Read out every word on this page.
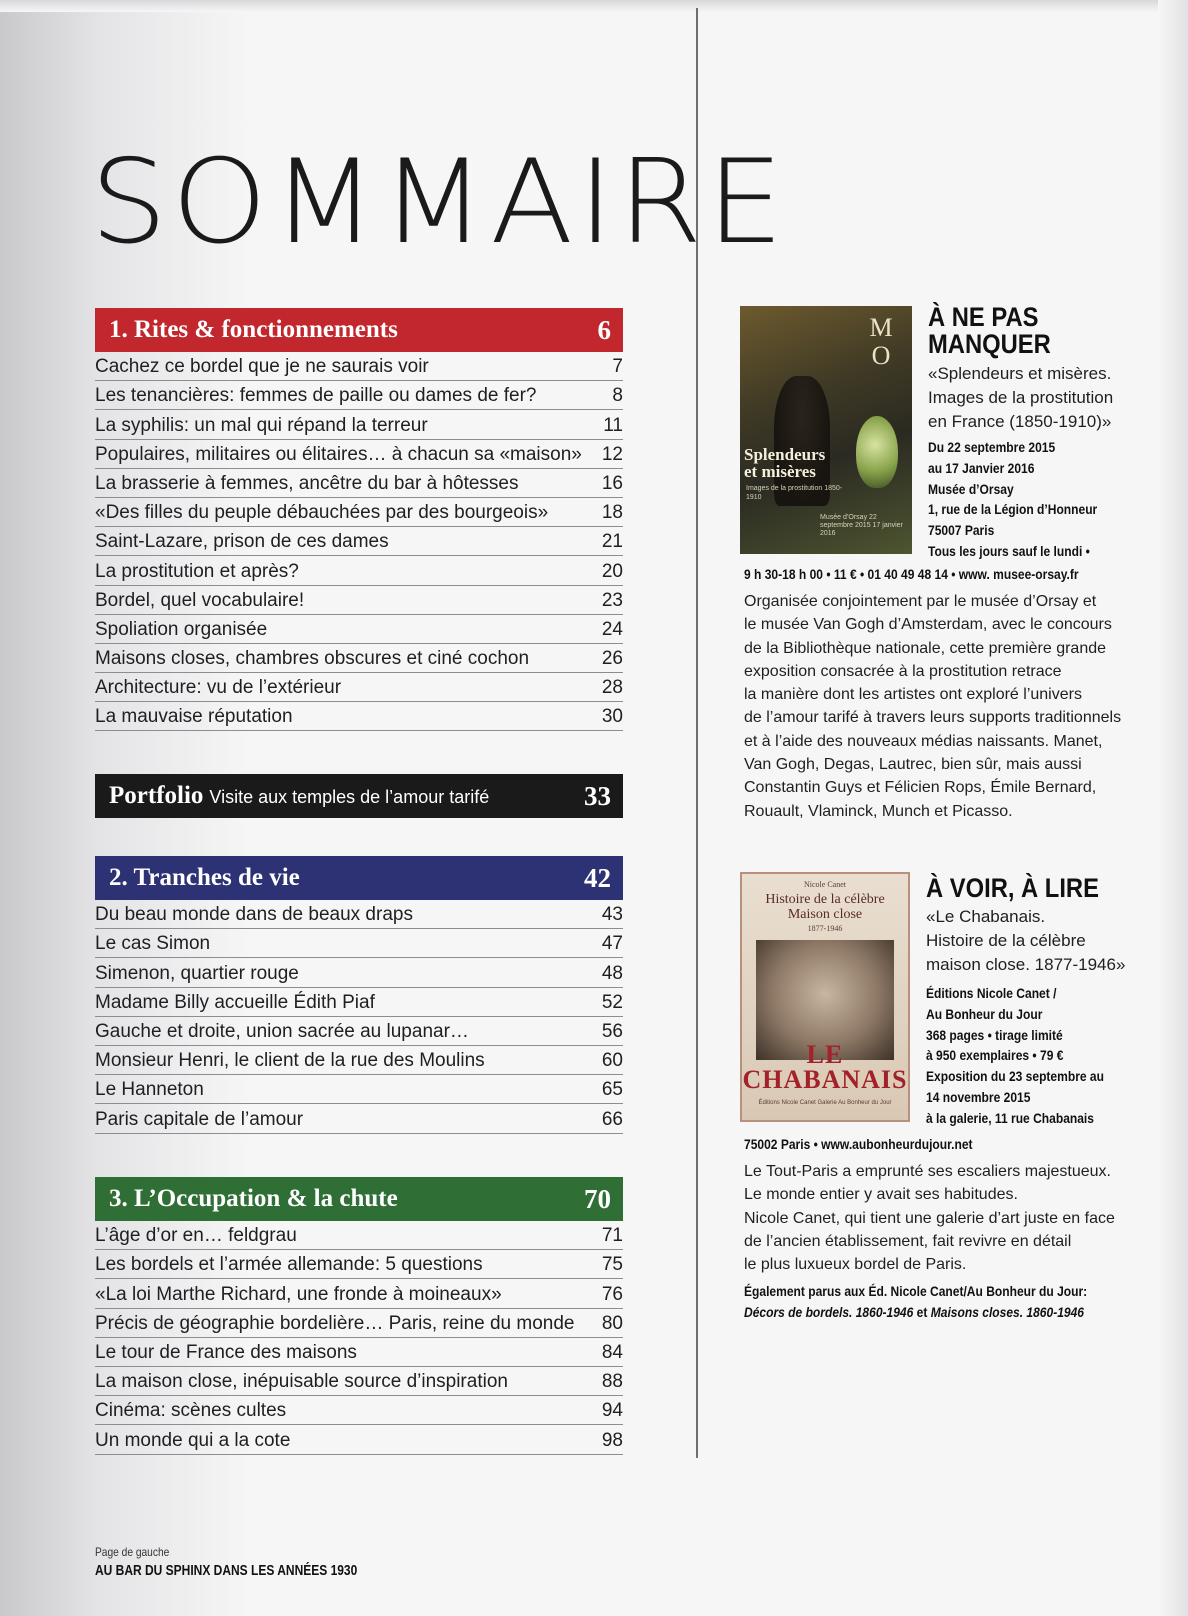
SOMMAIRE
1. Rites & fonctionnements	6
Cachez ce bordel que je ne saurais voir	7
Les tenancières: femmes de paille ou dames de fer?	8
La syphilis: un mal qui répand la terreur	11
Populaires, militaires ou élitaires… à chacun sa «maison» 12
La brasserie à femmes, ancêtre du bar à hôtesses	16
«Des filles du peuple débauchées par des bourgeois»	18
Saint-Lazare, prison de ces dames	21
La prostitution et après?	20
Bordel, quel vocabulaire!	23
Spoliation organisée	24
Maisons closes, chambres obscures et ciné cochon	26
Architecture: vu de l’extérieur	28
La mauvaise réputation	30
Portfolio Visite aux temples de l’amour tarifé	33
2. Tranches de vie	42
Du beau monde dans de beaux draps	43
Le cas Simon	47
Simenon, quartier rouge	48
Madame Billy accueille Édith Piaf	52
Gauche et droite, union sacrée au lupanar…	56
Monsieur Henri, le client de la rue des Moulins	60
Le Hanneton	65
Paris capitale de l’amour	66
3. L’Occupation & la chute	70
L’âge d’or en… feldgrau	71
Les bordels et l’armée allemande: 5 questions	75
«La loi Marthe Richard, une fronde à moineaux»	76
Précis de géographie bordelière… Paris, reine du monde 80
Le tour de France des maisons	84
La maison close, inépuisable source d’inspiration	88
Cinéma: scènes cultes	94
Un monde qui a la cote	98
M
O
Splendeurs
et misères
Images de la prostitution 1850-1910
Musée d’Orsay 22 septembre 2015 17 janvier 2016
À NE PAS
MANQUER
«Splendeurs et misères.
Images de la prostitution
en France (1850-1910)»
Du 22 septembre 2015
au 17 Janvier 2016
Musée d’Orsay
1, rue de la Légion d’Honneur
75007 Paris
Tous les jours sauf le lundi •
9 h 30-18 h 00 • 11 € • 01 40 49 48 14 • www. musee-orsay.fr
Organisée conjointement par le musée d’Orsay et
le musée Van Gogh d’Amsterdam, avec le concours
de la Bibliothèque nationale, cette première grande
exposition consacrée à la prostitution retrace
la manière dont les artistes ont exploré l’univers
de l’amour tarifé à travers leurs supports traditionnels
et à l’aide des nouveaux médias naissants. Manet,
Van Gogh, Degas, Lautrec, bien sûr, mais aussi
Constantin Guys et Félicien Rops, Émile Bernard,
Rouault, Vlaminck, Munch et Picasso.
Nicole Canet
Histoire de la célèbre
Maison close
1877-1946
LE
CHABANAIS
Éditions Nicole Canet Galerie Au Bonheur du Jour
À VOIR, À LIRE
«Le Chabanais.
Histoire de la célèbre
maison close. 1877-1946»
Éditions Nicole Canet /
Au Bonheur du Jour
368 pages • tirage limité
à 950 exemplaires • 79 €
Exposition du 23 septembre au
14 novembre 2015
à la galerie, 11 rue Chabanais
75002 Paris • www.aubonheurdujour.net
Le Tout-Paris a emprunté ses escaliers majestueux.
Le monde entier y avait ses habitudes.
Nicole Canet, qui tient une galerie d’art juste en face
de l’ancien établissement, fait revivre en détail
le plus luxueux bordel de Paris.
Également parus aux Éd. Nicole Canet/Au Bonheur du Jour:
Décors de bordels. 1860-1946 et Maisons closes. 1860-1946
Page de gauche
AU BAR DU SPHINX DANS LES ANNÉES 1930
